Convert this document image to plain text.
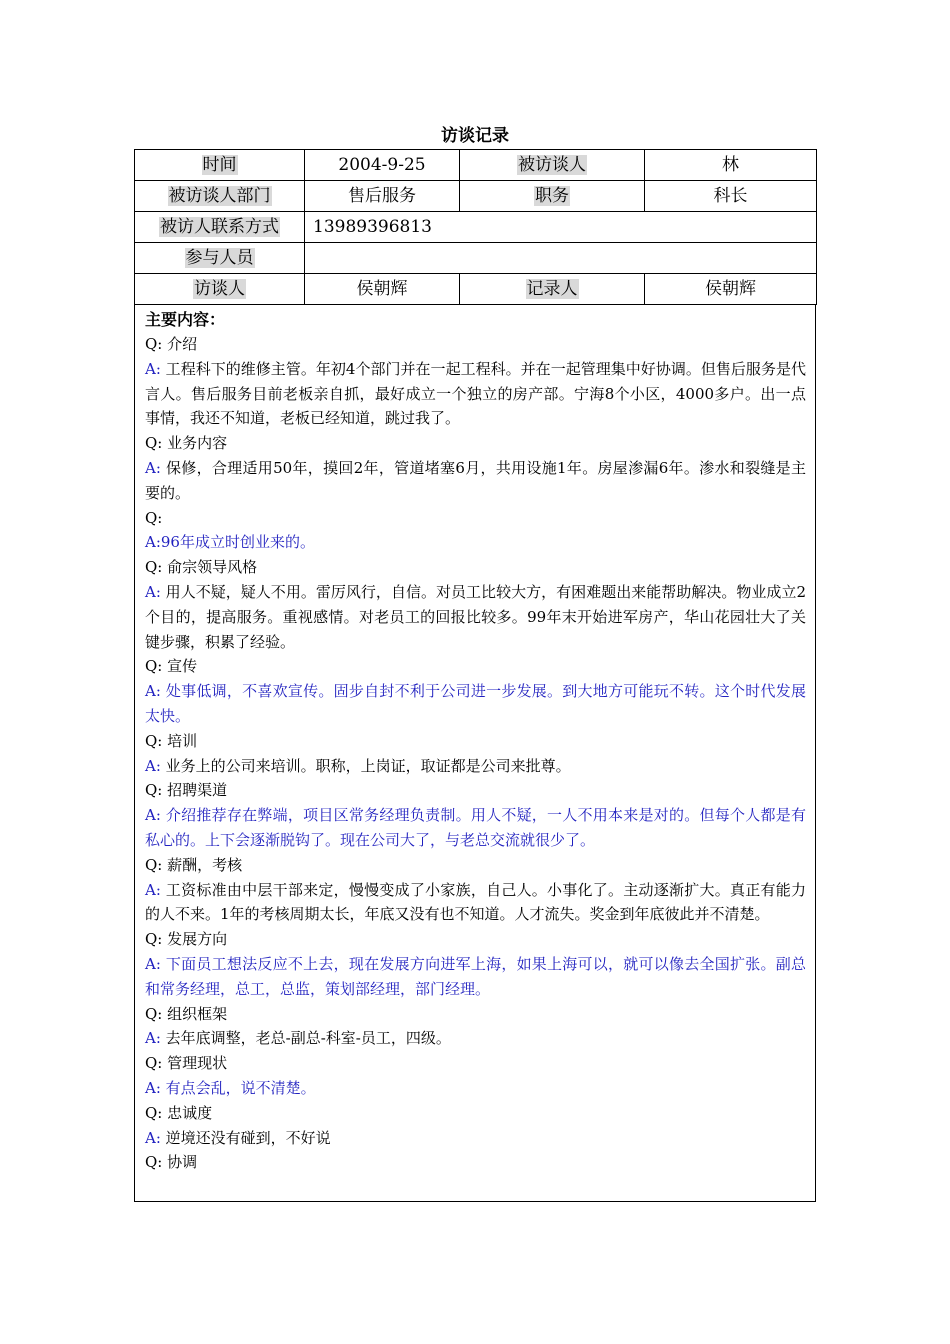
访谈记录
时间	2004-9-25	被访谈人	林
被访谈人部门	售后服务	职务	科长
被访人联系方式	13989396813		
参与人员			
访谈人	侯朝辉	记录人	侯朝辉
主要内容：
Q: 介绍
A: 工程科下的维修主管。年初4个部门并在一起工程科。并在一起管理集中好协调。但售后服务是代言人。售后服务目前老板亲自抓，最好成立一个独立的房产部。宁海8个小区，4000多户。出一点事情，我还不知道，老板已经知道，跳过我了。
Q: 业务内容
A: 保修，合理适用50年，摸回2年，管道堵塞6月，共用设施1年。房屋渗漏6年。渗水和裂缝是主要的。
Q:
A:96年成立时创业来的。
Q: 俞宗领导风格
A: 用人不疑，疑人不用。雷厉风行，自信。对员工比较大方，有困难题出来能帮助解决。物业成立2个目的，提高服务。重视感情。对老员工的回报比较多。99年末开始进军房产，华山花园壮大了关键步骤，积累了经验。
Q: 宣传
A: 处事低调，不喜欢宣传。固步自封不利于公司进一步发展。到大地方可能玩不转。这个时代发展太快。
Q: 培训
A: 业务上的公司来培训。职称，上岗证，取证都是公司来批尊。
Q: 招聘渠道
A: 介绍推荐存在弊端，项目区常务经理负责制。用人不疑，一人不用本来是对的。但每个人都是有私心的。上下会逐渐脱钩了。现在公司大了，与老总交流就很少了。
Q: 薪酬，考核
A: 工资标准由中层干部来定，慢慢变成了小家族，自己人。小事化了。主动逐渐扩大。真正有能力的人不来。1年的考核周期太长，年底又没有也不知道。人才流失。奖金到年底彼此并不清楚。
Q: 发展方向
A: 下面员工想法反应不上去，现在发展方向进军上海，如果上海可以，就可以像去全国扩张。副总和常务经理，总工，总监，策划部经理，部门经理。
Q: 组织框架
A: 去年底调整，老总-副总-科室-员工，四级。
Q: 管理现状
A: 有点会乱，说不清楚。
Q: 忠诚度
A: 逆境还没有碰到，不好说
Q: 协调
